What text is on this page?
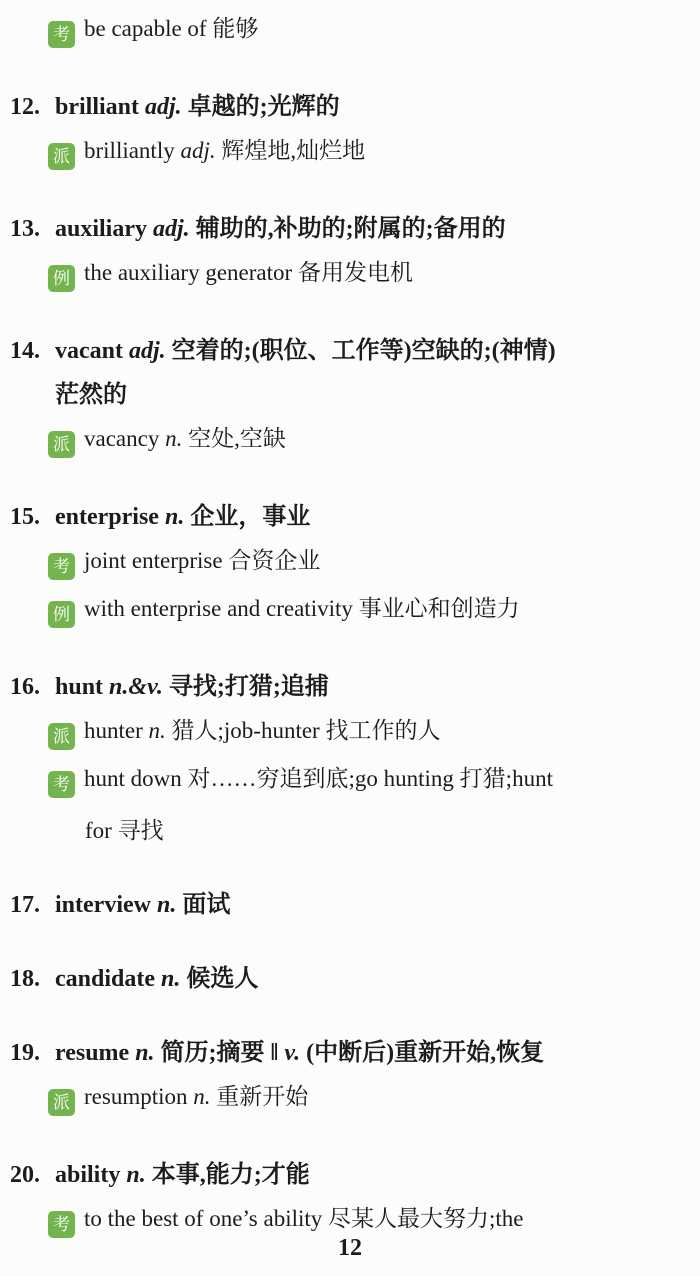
考 be capable of 能够
12. brilliant adj. 卓越的;光辉的
派 brilliantly adj. 辉煌地,灿烂地
13. auxiliary adj. 辅助的,补助的;附属的;备用的
例 the auxiliary generator 备用发电机
14. vacant adj. 空着的;(职位、工作等)空缺的;(神情)
茫然的
派 vacancy n. 空处,空缺
15. enterprise n. 企业，事业
考 joint enterprise 合资企业
例 with enterprise and creativity 事业心和创造力
16. hunt n.&v. 寻找;打猎;追捕
派 hunter n. 猎人;job-hunter 找工作的人
考 hunt down 对……穷追到底;go hunting 打猎;hunt
for 寻找
17. interview n. 面试
18. candidate n. 候选人
19. resume n. 简历;摘要 ‖ v. (中断后)重新开始,恢复
派 resumption n. 重新开始
20. ability n. 本事,能力;才能
考 to the best of one’s ability 尽某人最大努力;the
12
